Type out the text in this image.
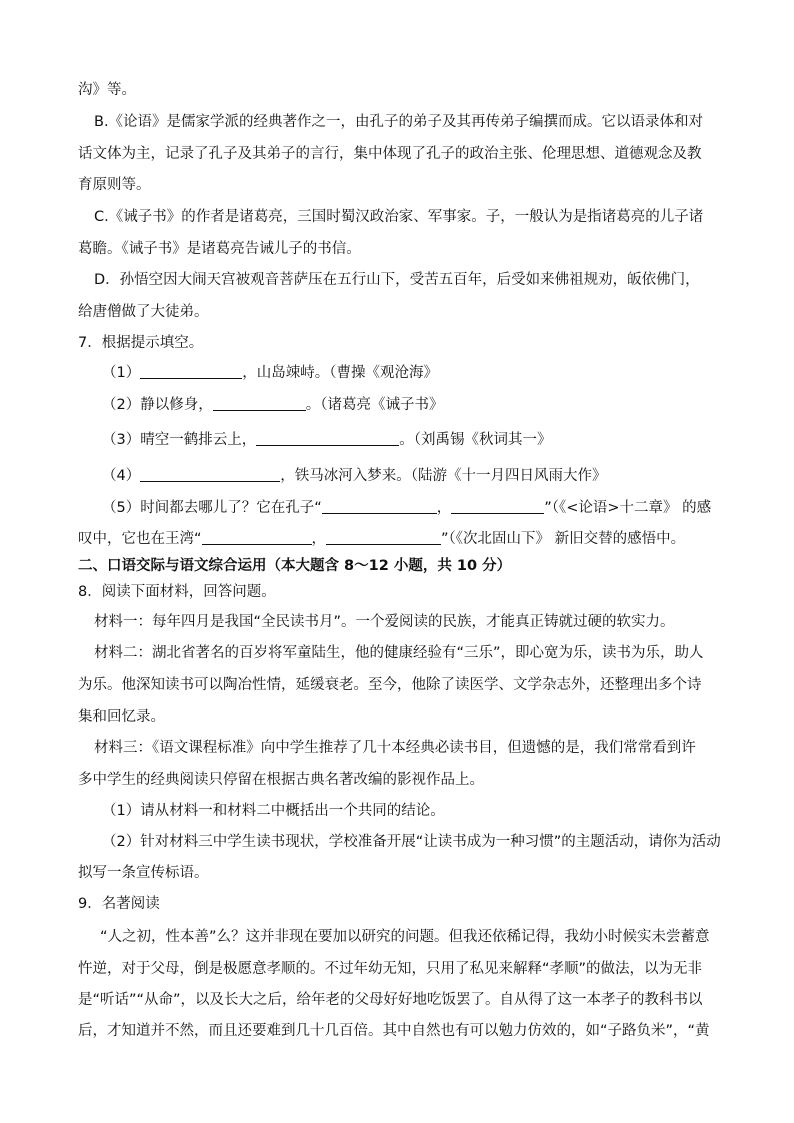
沟》等。
B.《论语》是儒家学派的经典著作之一，由孔子的弟子及其再传弟子编撰而成。它以语录体和对
话文体为主，记录了孔子及其弟子的言行，集中体现了孔子的政治主张、伦理思想、道德观念及教
育原则等。
C.《诫子书》的作者是诸葛亮，三国时蜀汉政治家、军事家。子，一般认为是指诸葛亮的儿子诸
葛瞻。《诫子书》是诸葛亮告诫儿子的书信。
D．孙悟空因大闹天宫被观音菩萨压在五行山下，受苦五百年，后受如来佛祖规劝，皈依佛门，
给唐僧做了大徒弟。
7．根据提示填空。
（1）	，山岛竦峙。（曹操《观沧海》
（2）静以修身，	。（诸葛亮《诫子书》
（3）晴空一鹤排云上，	。（刘禹锡《秋词其一》
（4）	，铁马冰河入梦来。（陆游《十一月四日风雨大作》
（5）时间都去哪儿了？它在孔子“	，	”（《<论语>十二章》 的感
叹中，它也在王湾“	，	”（《次北固山下》 新旧交替的感悟中。
二、口语交际与语文综合运用（本大题含 8～12 小题，共 10 分）
8．阅读下面材料，回答问题。
材料一：每年四月是我国“全民读书月”。一个爱阅读的民族，才能真正铸就过硬的软实力。
材料二：湖北省著名的百岁将军童陆生，他的健康经验有“三乐”，即心宽为乐，读书为乐，助人
为乐。他深知读书可以陶冶性情，延缓衰老。至今，他除了读医学、文学杂志外，还整理出多个诗
集和回忆录。
材料三：《语文课程标准》向中学生推荐了几十本经典必读书目，但遗憾的是，我们常常看到许
多中学生的经典阅读只停留在根据古典名著改编的影视作品上。
（1）请从材料一和材料二中概括出一个共同的结论。
（2）针对材料三中学生读书现状，学校准备开展“让读书成为一种习惯”的主题活动，请你为活动
拟写一条宣传标语。
9．名著阅读
“人之初，性本善”么？这并非现在要加以研究的问题。但我还依稀记得，我幼小时候实未尝蓄意
忤逆，对于父母，倒是极愿意孝顺的。不过年幼无知，只用了私见来解释“孝顺”的做法，以为无非
是“听话”“从命”，以及长大之后，给年老的父母好好地吃饭罢了。自从得了这一本孝子的教科书以
后，才知道并不然，而且还要难到几十几百倍。其中自然也有可以勉力仿效的，如“子路负米”，“黄
